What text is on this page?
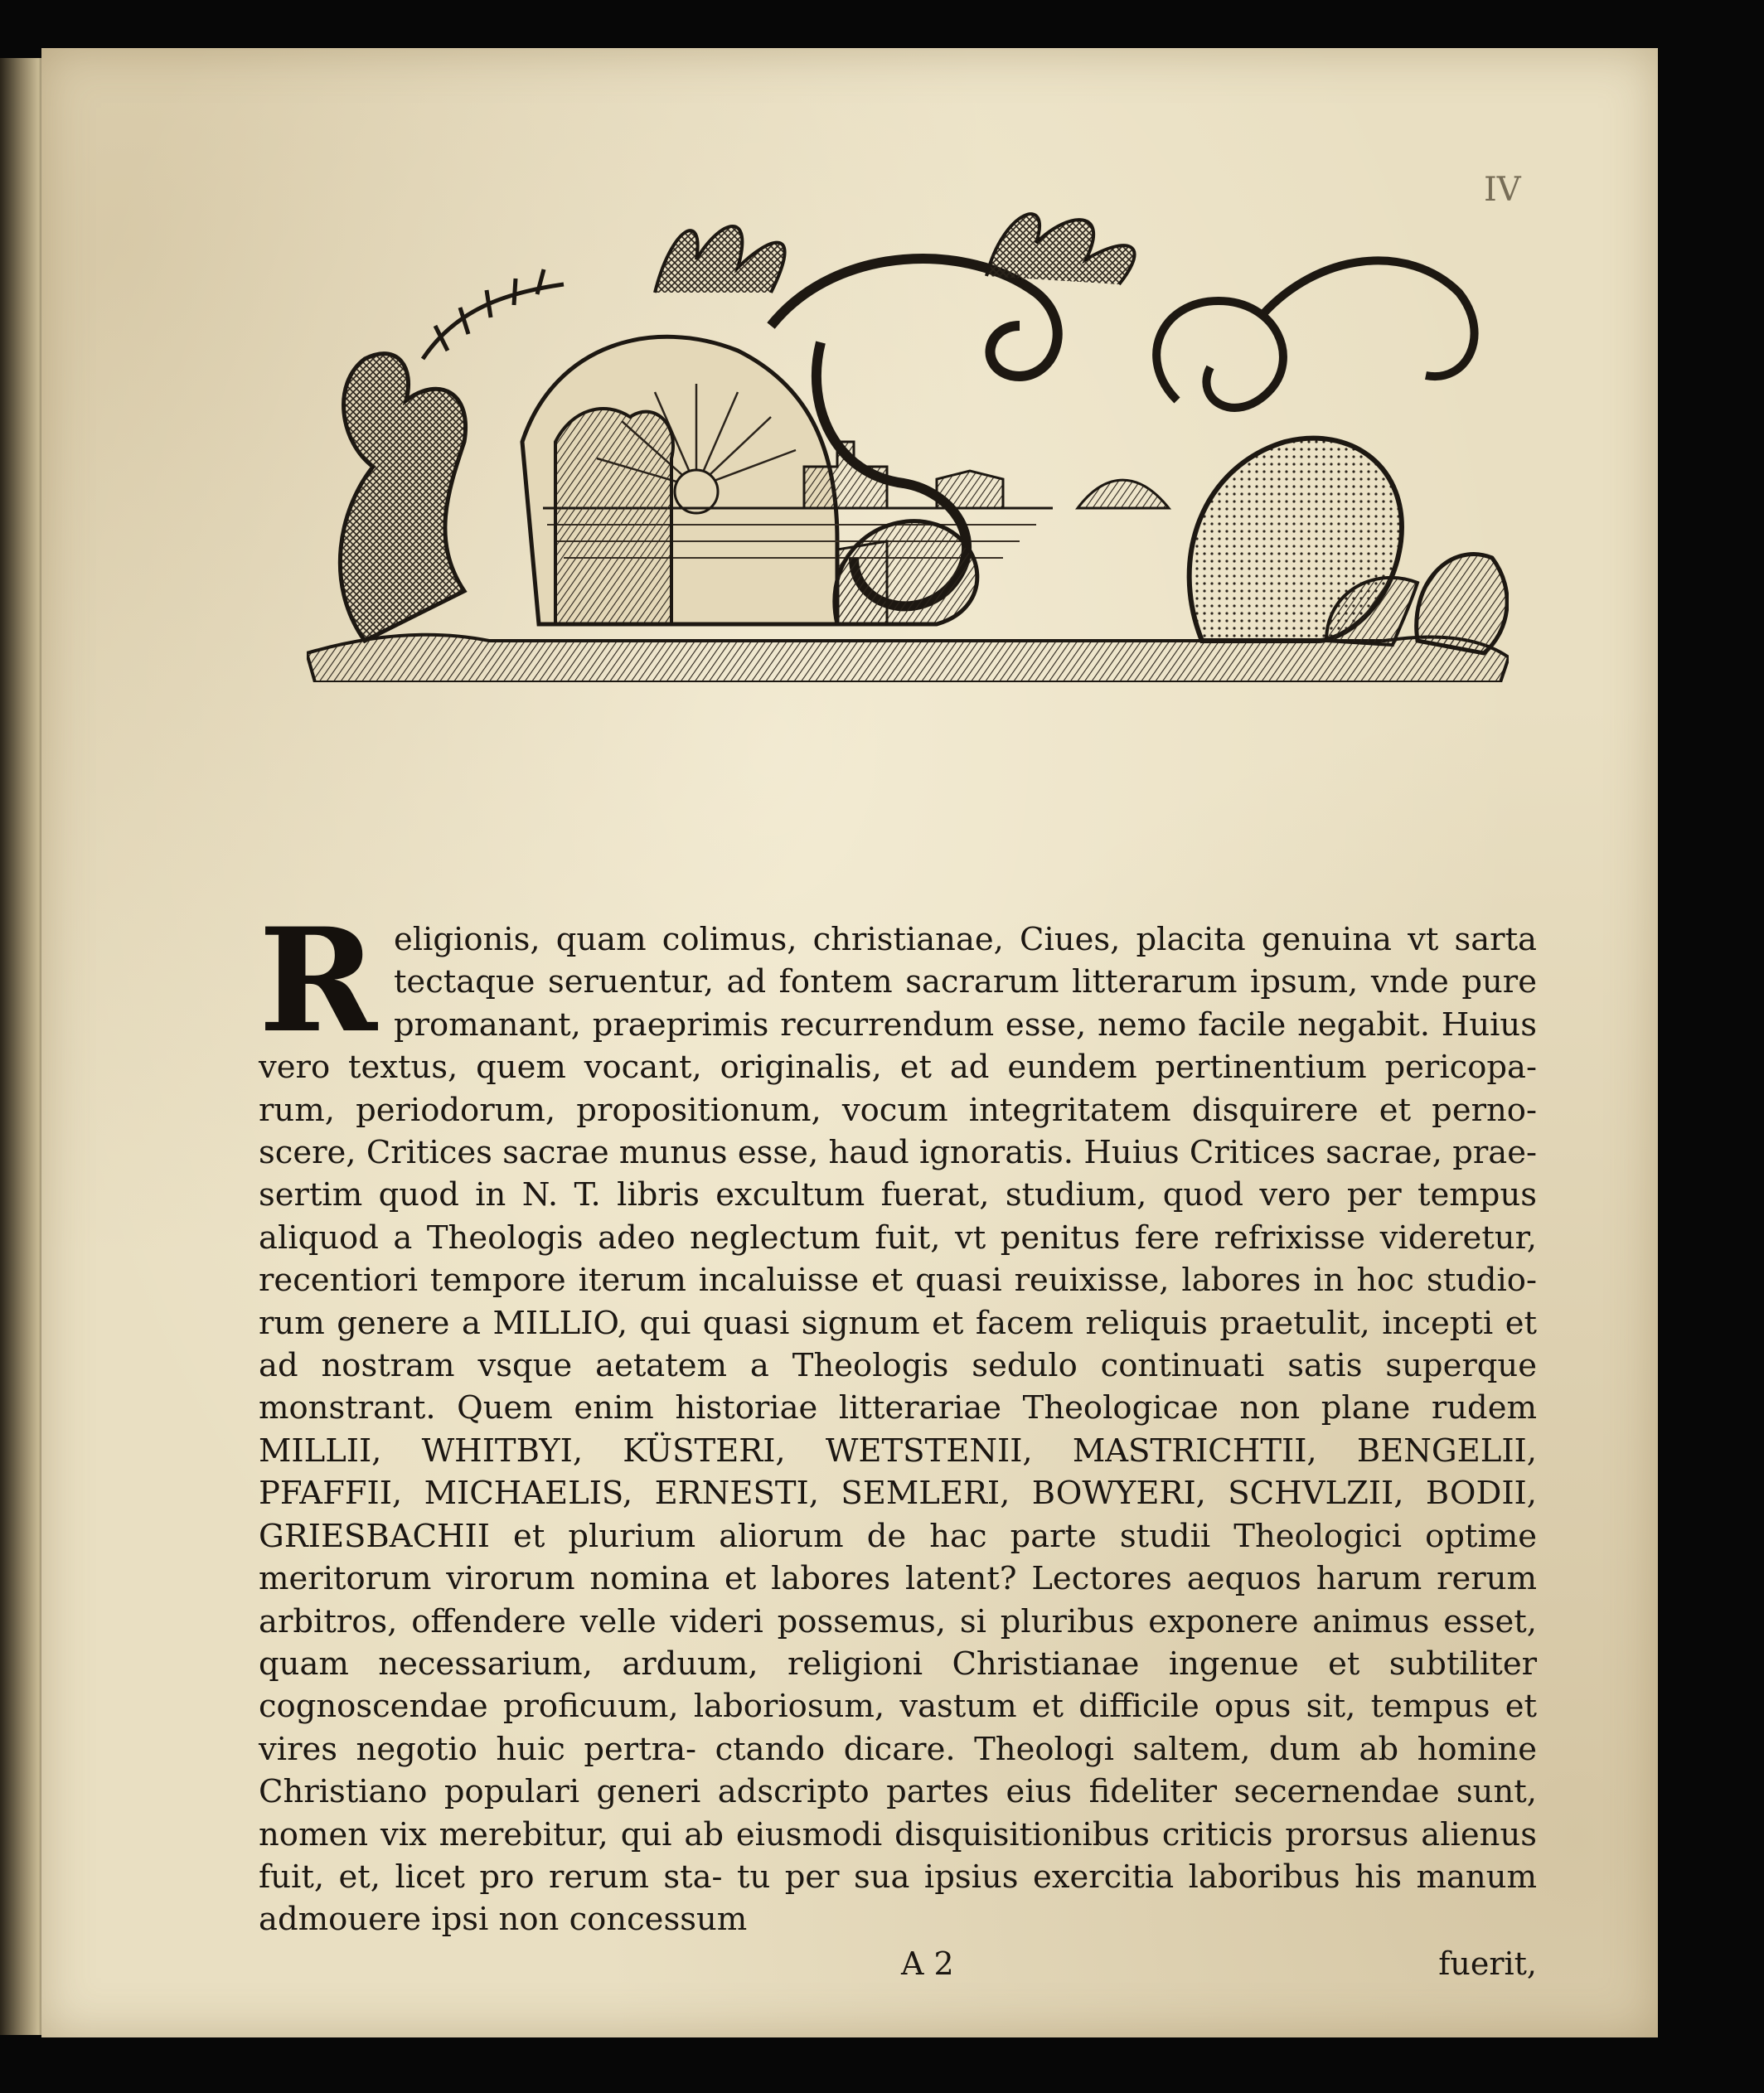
IV
R eligionis, quam colimus, christianae, Ciues, placita genuina vt sarta tectaque seruentur, ad fontem sacrarum litterarum ipsum, vnde pure promanant, praeprimis recurrendum esse, nemo facile negabit. Huius vero textus, quem vocant, originalis, et ad eundem pertinentium pericopa- rum, periodorum, propositionum, vocum integritatem disquirere et perno- scere, Critices sacrae munus esse, haud ignoratis. Huius Critices sacrae, prae- sertim quod in N. T. libris excultum fuerat, studium, quod vero per tempus aliquod a Theologis adeo neglectum fuit, vt penitus fere refrixisse videretur, recentiori tempore iterum incaluisse et quasi reuixisse, labores in hoc studio- rum genere a MILLIO, qui quasi signum et facem reliquis praetulit, incepti et ad nostram vsque aetatem a Theologis sedulo continuati satis superque monstrant. Quem enim historiae litterariae Theologicae non plane rudem MILLII, WHITBYI, KÜSTERI, WETSTENII, MASTRICHTII, BENGELII, PFAFFII, MICHAELIS, ERNESTI, SEMLERI, BOWYERI, SCHVLZII, BODII, GRIESBACHII et plurium aliorum de hac parte studii Theologici optime meritorum virorum nomina et labores latent? Lectores aequos harum rerum arbitros, offendere velle videri possemus, si pluribus exponere animus esset, quam necessarium, arduum, religioni Christianae ingenue et subtiliter cognoscendae proficuum, laboriosum, vastum et difficile opus sit, tempus et vires negotio huic pertra- ctando dicare. Theologi saltem, dum ab homine Christiano populari generi adscripto partes eius fideliter secernendae sunt, nomen vix merebitur, qui ab eiusmodi disquisitionibus criticis prorsus alienus fuit, et, licet pro rerum sta- tu per sua ipsius exercitia laboribus his manum admouere ipsi non concessum
A 2	fuerit,
